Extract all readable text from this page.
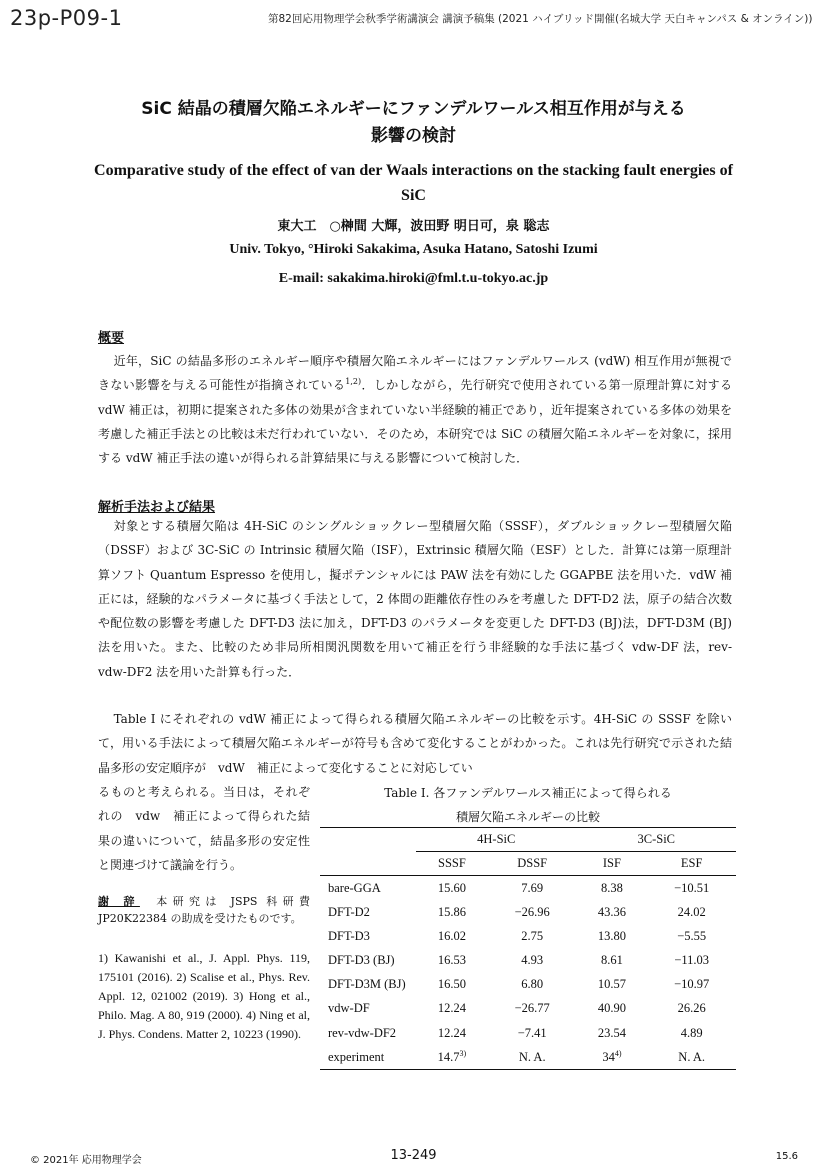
23p-P09-1	第82回応用物理学会秋季学術講演会 講演予稿集 (2021 ハイブリッド開催(名城大学 天白キャンパス & オンライン))
SiC 結晶の積層欠陥エネルギーにファンデルワールス相互作用が与える
影響の検討
Comparative study of the effect of van der Waals interactions on the stacking fault energies of SiC
東大工　○榊間 大輝，波田野 明日可，泉 聡志
Univ. Tokyo, °Hiroki Sakakima, Asuka Hatano, Satoshi Izumi
E-mail: sakakima.hiroki@fml.t.u-tokyo.ac.jp
概要
近年，SiC の結晶多形のエネルギー順序や積層欠陥エネルギーにはファンデルワールス (vdW) 相互作用が無視できない影響を与える可能性が指摘されている$^{1,2)}$．しかしながら，先行研究で使用されている第一原理計算に対する vdW 補正は，初期に提案された多体の効果が含まれていない半経験的補正であり，近年提案されている多体の効果を考慮した補正手法との比較は未だ行われていない．そのため，本研究では SiC の積層欠陥エネルギーを対象に，採用する vdW 補正手法の違いが得られる計算結果に与える影響について検討した．
解析手法および結果
対象とする積層欠陥は 4H-SiC のシングルショックレー型積層欠陥（SSSF），ダブルショックレー型積層欠陥（DSSF）および 3C-SiC の Intrinsic 積層欠陥（ISF），Extrinsic 積層欠陥（ESF）とした．計算には第一原理計算ソフト Quantum Espresso を使用し，擬ポテンシャルには PAW 法を有効にした GGAPBE 法を用いた．vdW 補正には，経験的なパラメータに基づく手法として，2 体間の距離依存性のみを考慮した DFT-D2 法，原子の結合次数や配位数の影響を考慮した DFT-D3 法に加え，DFT-D3 のパラメータを変更した DFT-D3 (BJ)法，DFT-D3M (BJ)法を用いた。また、比較のため非局所相関汎関数を用いて補正を行う非経験的な手法に基づく vdw-DF 法，rev-vdw-DF2 法を用いた計算も行った．
Table I にそれぞれの vdW 補正によって得られる積層欠陥エネルギーの比較を示す。4H-SiC の SSSF を除いて，用いる手法によって積層欠陥エネルギーが符号も含めて変化することがわかった。これは先行研究で示された結晶多形の安定順序が　vdW　補正によって変化することに対応してい
るものと考えられる。当日は，それぞれの　vdw　補正によって得られた結果の違いについて，結晶多形の安定性と関連づけて議論を行う。
謝 辞　 本研究は JSPS 科研費 JP20K22384 の助成を受けたものです。
1) Kawanishi et al., J. Appl. Phys. 119, 175101 (2016). 2) Scalise et al., Phys. Rev. Appl. 12, 021002 (2019). 3) Hong et al., Philo. Mag. A 80, 919 (2000). 4) Ning et al, J. Phys. Condens. Matter 2, 10223 (1990).
Table I. 各ファンデルワールス補正によって得られる
積層欠陥エネルギーの比較
	4H-SiC		3C-SiC	
	SSSF	DSSF	ISF	ESF
bare-GGA	15.60	7.69	8.38	−10.51
DFT-D2	15.86	−26.96	43.36	24.02
DFT-D3	16.02	2.75	13.80	−5.55
DFT-D3 (BJ)	16.53	4.93	8.61	−11.03
DFT-D3M (BJ)	16.50	6.80	10.57	−10.97
vdw-DF	12.24	−26.77	40.90	26.26
rev-vdw-DF2	12.24	−7.41	23.54	4.89
experiment	14.7$^{3)}$	N. A.	34$^{4)}$	N. A.
© 2021年 応用物理学会	13-249	15.6
